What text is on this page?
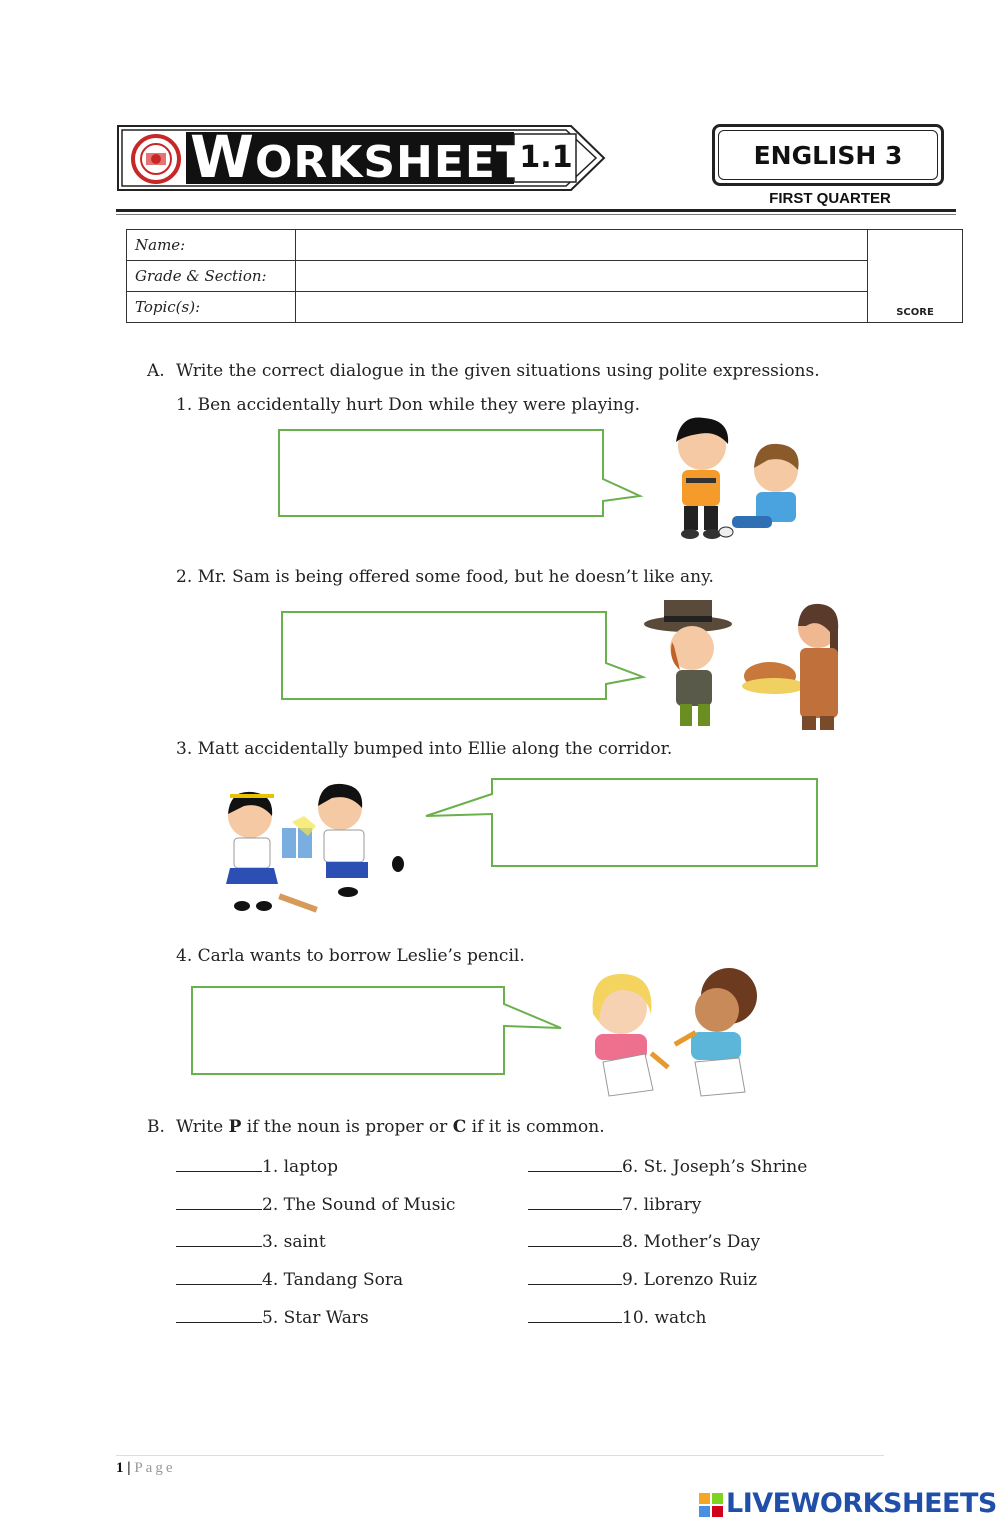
WORKSHEET
1.1	ENGLISH 3
FIRST QUARTER
Name:		SCORE
Grade & Section:		
Topic(s):		
A. Write the correct dialogue in the given situations using polite expressions.
1. Ben accidentally hurt Don while they were playing.
2. Mr. Sam is being offered some food, but he doesn’t like any.
3. Matt accidentally bumped into Ellie along the corridor.
4. Carla wants to borrow Leslie’s pencil.
B. Write P if the noun is proper or C if it is common.
1. laptop
2. The Sound of Music
3. saint
4. Tandang Sora
5. Star Wars
6. St. Joseph’s Shrine
7. library
8. Mother’s Day
9. Lorenzo Ruiz
10. watch
1 | Page
LIVEWORKSHEETS
